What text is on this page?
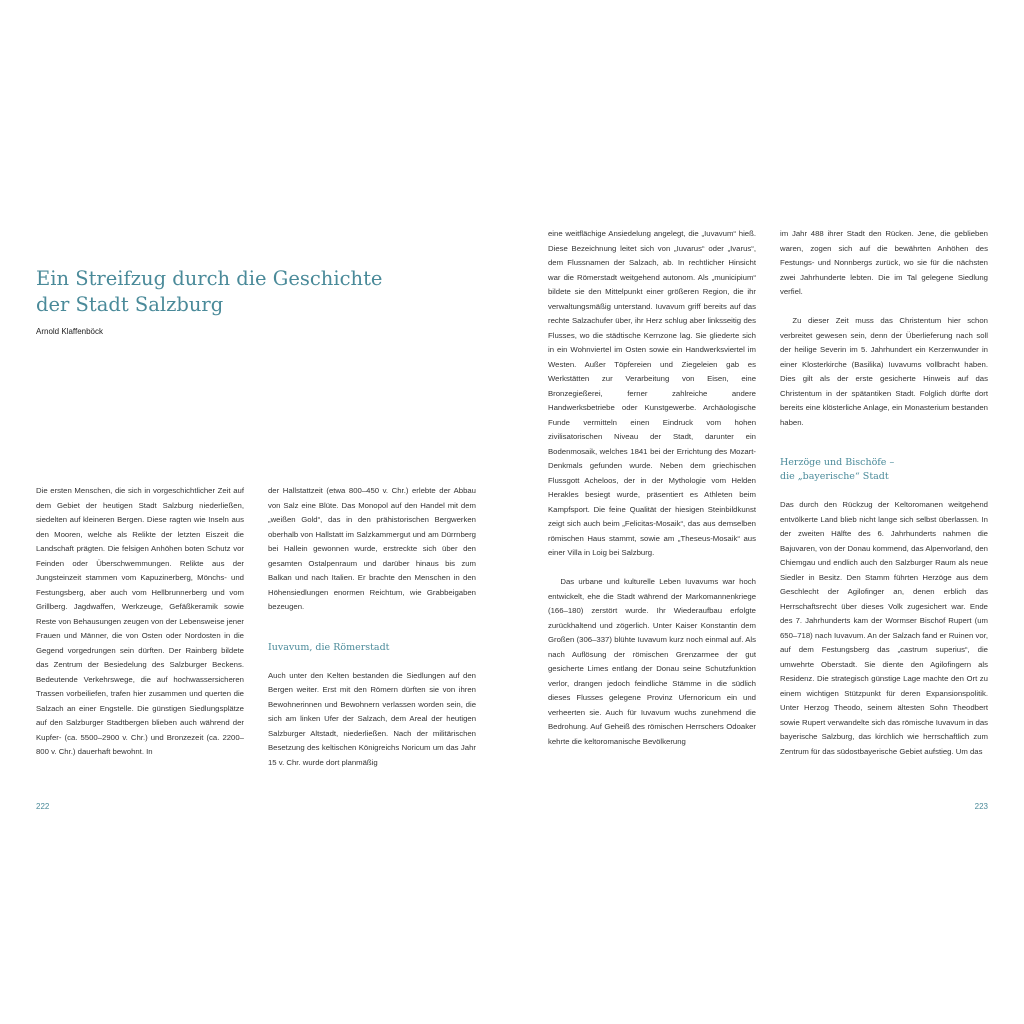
Ein Streifzug durch die Geschichte
der Stadt Salzburg
Arnold Klaffenböck

Die ersten Menschen, die sich in vorgeschichtlicher Zeit auf dem Gebiet der heutigen Stadt Salzburg niederließen, siedelten auf kleineren Bergen. Diese ragten wie Inseln aus den Mooren, welche als Relikte der letzten Eiszeit die Landschaft prägten. Die felsigen Anhöhen boten Schutz vor Feinden oder Überschwemmungen. Relikte aus der Jungsteinzeit stammen vom Kapuzinerberg, Mönchs- und Festungsberg, aber auch vom Hellbrunnerberg und vom Grillberg. Jagdwaffen, Werkzeuge, Gefäßkeramik sowie Reste von Behausungen zeugen von der Lebensweise jener Frauen und Männer, die von Osten oder Nordosten in die Gegend vorgedrungen sein dürften. Der Rainberg bildete das Zentrum der Besiedelung des Salzburger Beckens. Bedeutende Verkehrswege, die auf hochwassersicheren Trassen vorbeiliefen, trafen hier zusammen und querten die Salzach an einer Engstelle. Die günstigen Siedlungsplätze auf den Salzburger Stadtbergen blieben auch während der Kupfer- (ca. 5500–2900 v. Chr.) und Bronzezeit (ca. 2200–800 v. Chr.) dauerhaft bewohnt. In

der Hallstattzeit (etwa 800–450 v. Chr.) erlebte der Abbau von Salz eine Blüte. Das Monopol auf den Handel mit dem „weißen Gold“, das in den prähistorischen Bergwerken oberhalb von Hallstatt im Salzkammergut und am Dürrnberg bei Hallein gewonnen wurde, erstreckte sich über den gesamten Ostalpenraum und darüber hinaus bis zum Balkan und nach Italien. Er brachte den Menschen in den Höhensiedlungen enormen Reichtum, wie Grabbeigaben bezeugen.

Iuvavum, die Römerstadt

Auch unter den Kelten bestanden die Siedlungen auf den Bergen weiter. Erst mit den Römern dürften sie von ihren Bewohnerinnen und Bewohnern verlassen worden sein, die sich am linken Ufer der Salzach, dem Areal der heutigen Salzburger Altstadt, niederließen. Nach der militärischen Besetzung des keltischen Königreichs Noricum um das Jahr 15 v. Chr. wurde dort planmäßig

222

eine weitflächige Ansiedelung angelegt, die „Iuvavum“ hieß. Diese Bezeichnung leitet sich von „Iuvarus“ oder „Ivarus“, dem Flussnamen der Salzach, ab. In rechtlicher Hinsicht war die Römerstadt weitgehend autonom. Als „municipium“ bildete sie den Mittelpunkt einer größeren Region, die ihr verwaltungsmäßig unterstand. Iuvavum griff bereits auf das rechte Salzachufer über, ihr Herz schlug aber linksseitig des Flusses, wo die städtische Kernzone lag. Sie gliederte sich in ein Wohnviertel im Osten sowie ein Handwerksviertel im Westen. Außer Töpfereien und Ziegeleien gab es Werkstätten zur Verarbeitung von Eisen, eine Bronzegießerei, ferner zahlreiche andere Handwerksbetriebe oder Kunstgewerbe. Archäologische Funde vermitteln einen Eindruck vom hohen zivilisatorischen Niveau der Stadt, darunter ein Bodenmosaik, welches 1841 bei der Errichtung des Mozart-Denkmals gefunden wurde. Neben dem griechischen Flussgott Acheloos, der in der Mythologie vom Helden Herakles besiegt wurde, präsentiert es Athleten beim Kampfsport. Die feine Qualität der hiesigen Steinbildkunst zeigt sich auch beim „Felicitas-Mosaik“, das aus demselben römischen Haus stammt, sowie am „Theseus-Mosaik“ aus einer Villa in Loig bei Salzburg.

Das urbane und kulturelle Leben Iuvavums war hoch entwickelt, ehe die Stadt während der Markomannenkriege (166–180) zerstört wurde. Ihr Wiederaufbau erfolgte zurückhaltend und zögerlich. Unter Kaiser Konstantin dem Großen (306–337) blühte Iuvavum kurz noch einmal auf. Als nach Auflösung der römischen Grenzarmee der gut gesicherte Limes entlang der Donau seine Schutzfunktion verlor, drangen jedoch feindliche Stämme in die südlich dieses Flusses gelegene Provinz Ufernoricum ein und verheerten sie. Auch für Iuvavum wuchs zunehmend die Bedrohung. Auf Geheiß des römischen Herrschers Odoaker kehrte die keltoromanische Bevölkerung

im Jahr 488 ihrer Stadt den Rücken. Jene, die geblieben waren, zogen sich auf die bewährten Anhöhen des Festungs- und Nonnbergs zurück, wo sie für die nächsten zwei Jahrhunderte lebten. Die im Tal gelegene Siedlung verfiel.

Zu dieser Zeit muss das Christentum hier schon verbreitet gewesen sein, denn der Überlieferung nach soll der heilige Severin im 5. Jahrhundert ein Kerzenwunder in einer Klosterkirche (Basilika) Iuvavums vollbracht haben. Dies gilt als der erste gesicherte Hinweis auf das Christentum in der spätantiken Stadt. Folglich dürfte dort bereits eine klösterliche Anlage, ein Monasterium bestanden haben.

Herzöge und Bischöfe –
die „bayerische“ Stadt

Das durch den Rückzug der Keltoromanen weitgehend entvölkerte Land blieb nicht lange sich selbst überlassen. In der zweiten Hälfte des 6. Jahrhunderts nahmen die Bajuvaren, von der Donau kommend, das Alpenvorland, den Chiemgau und endlich auch den Salzburger Raum als neue Siedler in Besitz. Den Stamm führten Herzöge aus dem Geschlecht der Agilofinger an, denen erblich das Herrschaftsrecht über dieses Volk zugesichert war. Ende des 7. Jahrhunderts kam der Wormser Bischof Rupert (um 650–718) nach Iuvavum. An der Salzach fand er Ruinen vor, auf dem Festungsberg das „castrum superius“, die umwehrte Oberstadt. Sie diente den Agilofingern als Residenz. Die strategisch günstige Lage machte den Ort zu einem wichtigen Stützpunkt für deren Expansionspolitik. Unter Herzog Theodo, seinem ältesten Sohn Theodbert sowie Rupert verwandelte sich das römische Iuvavum in das bayerische Salzburg, das kirchlich wie herrschaftlich zum Zentrum für das südostbayerische Gebiet aufstieg. Um das

223
